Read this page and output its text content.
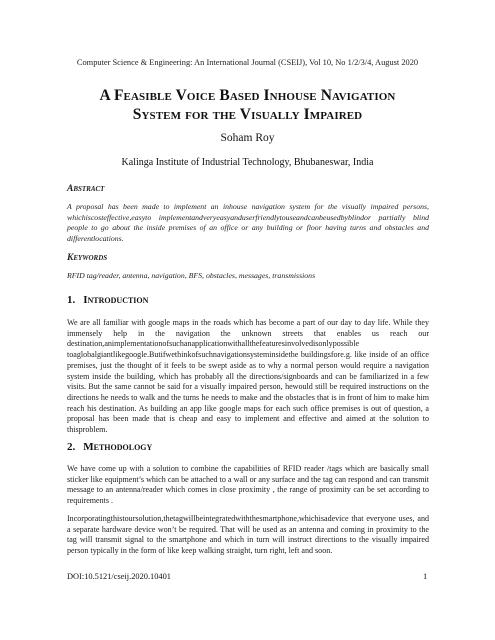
Computer Science & Engineering: An International Journal (CSEIJ), Vol 10, No 1/2/3/4, August 2020
A Feasible Voice Based Inhouse Navigation
System for the Visually Impaired
Soham Roy
Kalinga Institute of Industrial Technology, Bhubaneswar, India
Abstract
A proposal has been made to implement an inhouse navigation system for the visually impaired persons, whichiscosteffective,easyto implementandveryeasyanduserfriendlytouseandcanbeusedbyblindor partially blind people to go about the inside premises of an office or any building or floor having turns and obstacles and differentlocations.
Keywords
RFID tag/reader, antenna, navigation, BFS, obstacles, messages, transmissions
1. Introduction
We are all familiar with google maps in the roads which has become a part of our day to day life. While they immensely help in the navigation the unknown streets that enables us reach our destination,animplementationofsuchanapplicationwithallthefeaturesinvolvedisonlypossible toaglobalgiantlikegoogle.Butifwethinkofsuchnavigationsysteminsidethe buildingsfore.g. like inside of an office premises, just the thought of it feels to be swept aside as to why a normal person would require a navigation system inside the building, which has probably all the directions/signboards and can be familiarized in a few visits. But the same cannot be said for a visually impaired person, hewould still be required instructions on the directions he needs to walk and the turns he needs to make and the obstacles that is in front of him to make him reach his destination. As building an app like google maps for each such office premises is out of question, a proposal has been made that is cheap and easy to implement and effective and aimed at the solution to thisproblem.
2. Methodology
We have come up with a solution to combine the capabilities of RFID reader /tags which are basically small sticker like equipment’s which can be attached to a wall or any surface and the tag can respond and can transmit message to an antenna/reader which comes in close proximity , the range of proximity can be set according to requirements .
Incorporatingthistoursolution,thetagwillbeintegratedwiththesmartphone,whichisadevice that everyone uses, and a separate hardware device won’t be required. That will be used as an antenna and coming in proximity to the tag will transmit signal to the smartphone and which in turn will instruct directions to the visually impaired person typically in the form of like keep walking straight, turn right, left and soon.
DOI:10.5121/cseij.2020.10401	1
